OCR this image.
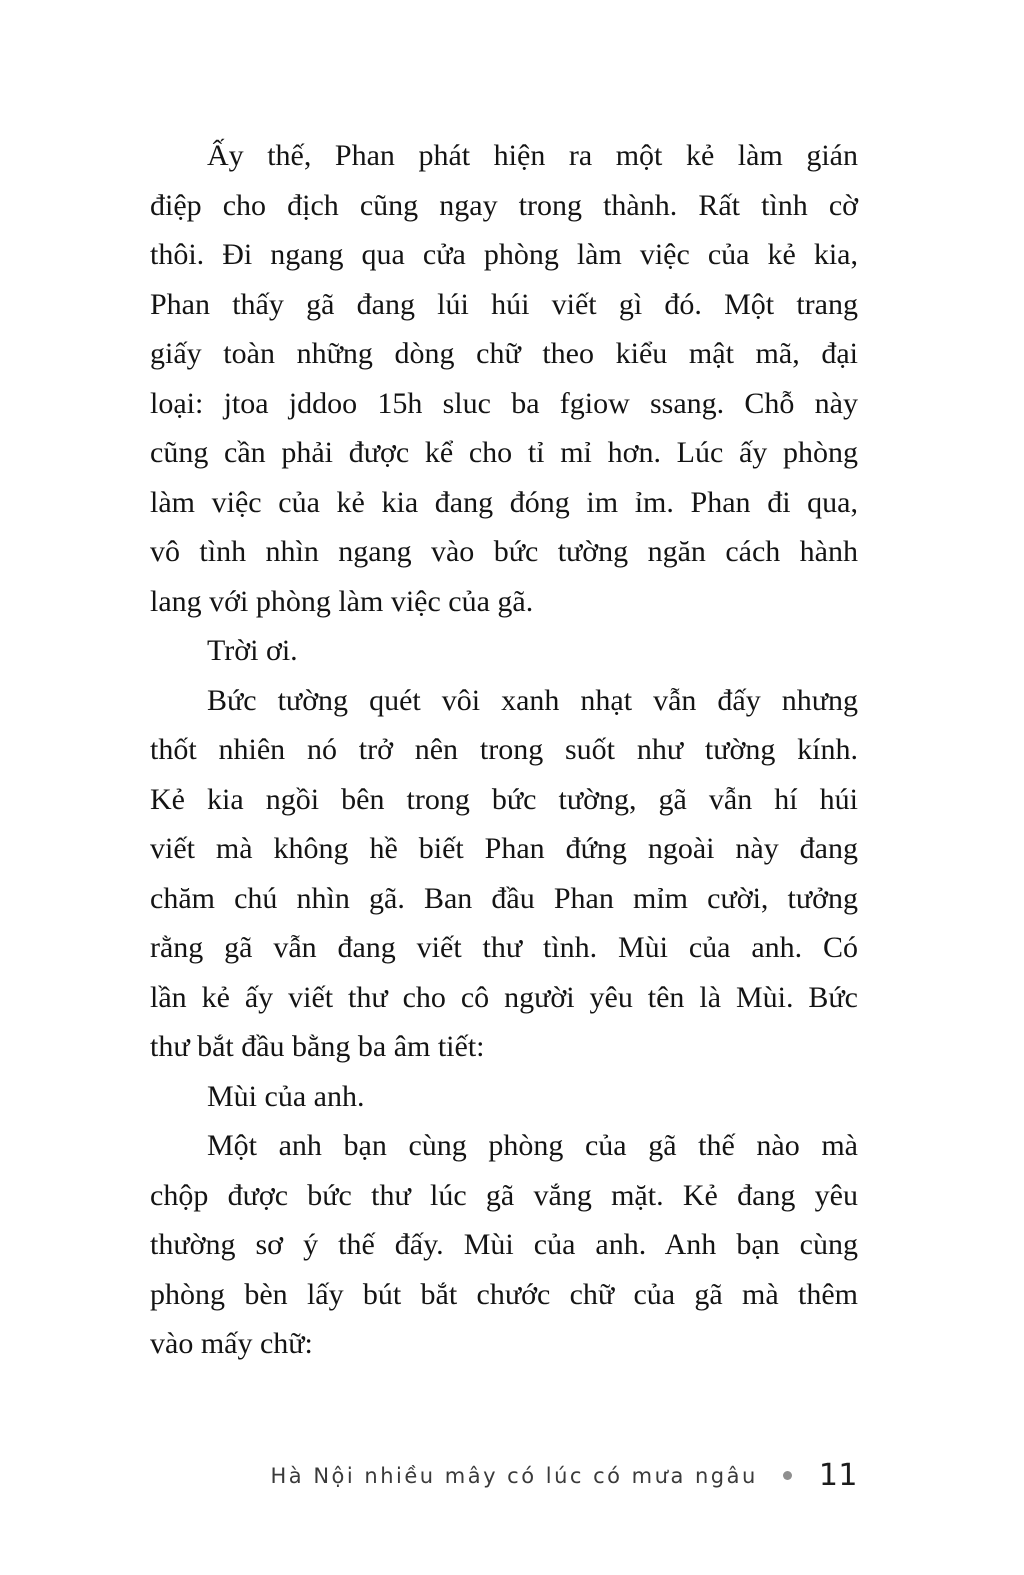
Ấy thế, Phan phát hiện ra một kẻ làm gián
điệp cho địch cũng ngay trong thành. Rất tình cờ
thôi. Đi ngang qua cửa phòng làm việc của kẻ kia,
Phan thấy gã đang lúi húi viết gì đó. Một trang
giấy toàn những dòng chữ theo kiểu mật mã, đại
loại: jtoa jddoo 15h sluc ba fgiow ssang. Chỗ này
cũng cần phải được kể cho tỉ mỉ hơn. Lúc ấy phòng
làm việc của kẻ kia đang đóng im ỉm. Phan đi qua,
vô tình nhìn ngang vào bức tường ngăn cách hành
lang với phòng làm việc của gã.
Trời ơi.
Bức tường quét vôi xanh nhạt vẫn đấy nhưng
thốt nhiên nó trở nên trong suốt như tường kính.
Kẻ kia ngồi bên trong bức tường, gã vẫn hí húi
viết mà không hề biết Phan đứng ngoài này đang
chăm chú nhìn gã. Ban đầu Phan mỉm cười, tưởng
rằng gã vẫn đang viết thư tình. Mùi của anh. Có
lần kẻ ấy viết thư cho cô người yêu tên là Mùi. Bức
thư bắt đầu bằng ba âm tiết:
Mùi của anh.
Một anh bạn cùng phòng của gã thế nào mà
chộp được bức thư lúc gã vắng mặt. Kẻ đang yêu
thường sơ ý thế đấy. Mùi của anh. Anh bạn cùng
phòng bèn lấy bút bắt chước chữ của gã mà thêm
vào mấy chữ:
Hà Nội nhiều mây có lúc có mưa ngâu 11
